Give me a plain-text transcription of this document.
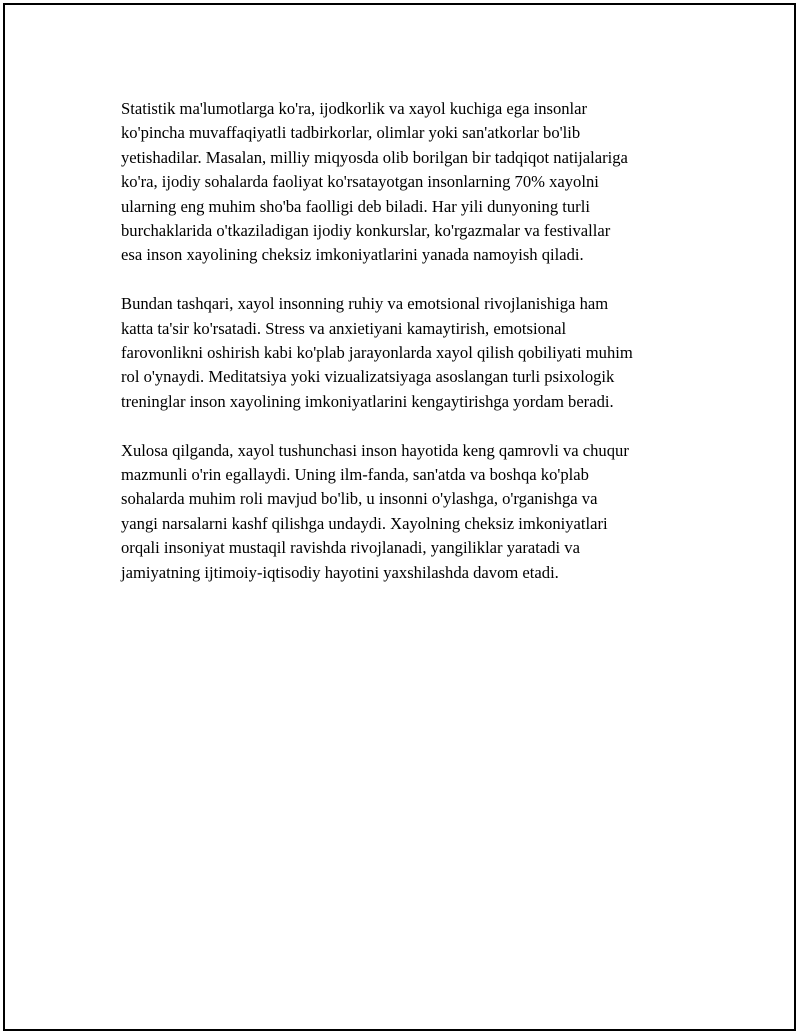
Statistik ma'lumotlarga ko'ra, ijodkorlik va xayol kuchiga ega insonlar
ko'pincha muvaffaqiyatli tadbirkorlar, olimlar yoki san'atkorlar bo'lib
yetishadilar. Masalan, milliy miqyosda olib borilgan bir tadqiqot natijalariga
ko'ra, ijodiy sohalarda faoliyat ko'rsatayotgan insonlarning 70% xayolni
ularning eng muhim sho'ba faolligi deb biladi. Har yili dunyoning turli
burchaklarida o'tkaziladigan ijodiy konkurslar, ko'rgazmalar va festivallar
esa inson xayolining cheksiz imkoniyatlarini yanada namoyish qiladi.

Bundan tashqari, xayol insonning ruhiy va emotsional rivojlanishiga ham
katta ta'sir ko'rsatadi. Stress va anxietiyani kamaytirish, emotsional
farovonlikni oshirish kabi ko'plab jarayonlarda xayol qilish qobiliyati muhim
rol o'ynaydi. Meditatsiya yoki vizualizatsiyaga asoslangan turli psixologik
treninglar inson xayolining imkoniyatlarini kengaytirishga yordam beradi.

Xulosa qilganda, xayol tushunchasi inson hayotida keng qamrovli va chuqur
mazmunli o'rin egallaydi. Uning ilm-fanda, san'atda va boshqa ko'plab
sohalarda muhim roli mavjud bo'lib, u insonni o'ylashga, o'rganishga va
yangi narsalarni kashf qilishga undaydi. Xayolning cheksiz imkoniyatlari
orqali insoniyat mustaqil ravishda rivojlanadi, yangiliklar yaratadi va
jamiyatning ijtimoiy-iqtisodiy hayotini yaxshilashda davom etadi.
